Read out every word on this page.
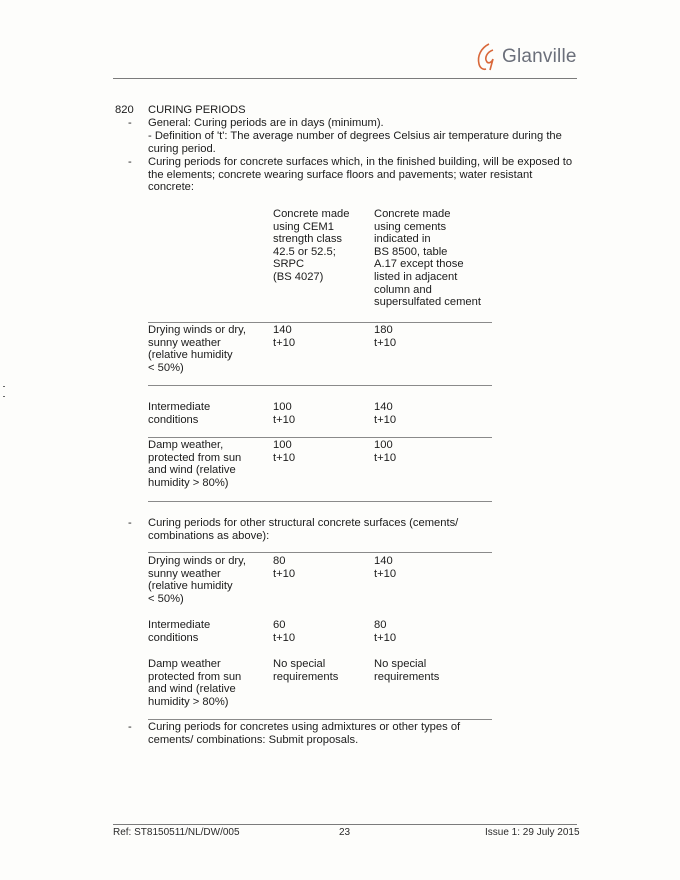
Glanville
820 CURING PERIODS
- General: Curing periods are in days (minimum).
- Definition of 't': The average number of degrees Celsius air temperature during the curing period.
- Curing periods for concrete surfaces which, in the finished building, will be exposed to the elements; concrete wearing surface floors and pavements; water resistant concrete:
Concrete made
using CEM1
strength class
42.5 or 52.5;
SRPC
(BS 4027)
Concrete made
using cements
indicated in
BS 8500, table
A.17 except those
listed in adjacent
column and
supersulfated cement
Drying winds or dry,
sunny weather
(relative humidity
< 50%)
140
t+10
180
t+10
Intermediate
conditions
100
t+10
140
t+10
Damp weather,
protected from sun
and wind (relative
humidity > 80%)
100
t+10
100
t+10
- Curing periods for other structural concrete surfaces (cements/ combinations as above):
Drying winds or dry,
sunny weather
(relative humidity
< 50%)
80
t+10
140
t+10
Intermediate
conditions
60
t+10
80
t+10
Damp weather
protected from sun
and wind (relative
humidity > 80%)
No special
requirements
No special
requirements
- Curing periods for concretes using admixtures or other types of cements/ combinations: Submit proposals.
Ref: ST8150511/NL/DW/005	23	Issue 1: 29 July 2015
